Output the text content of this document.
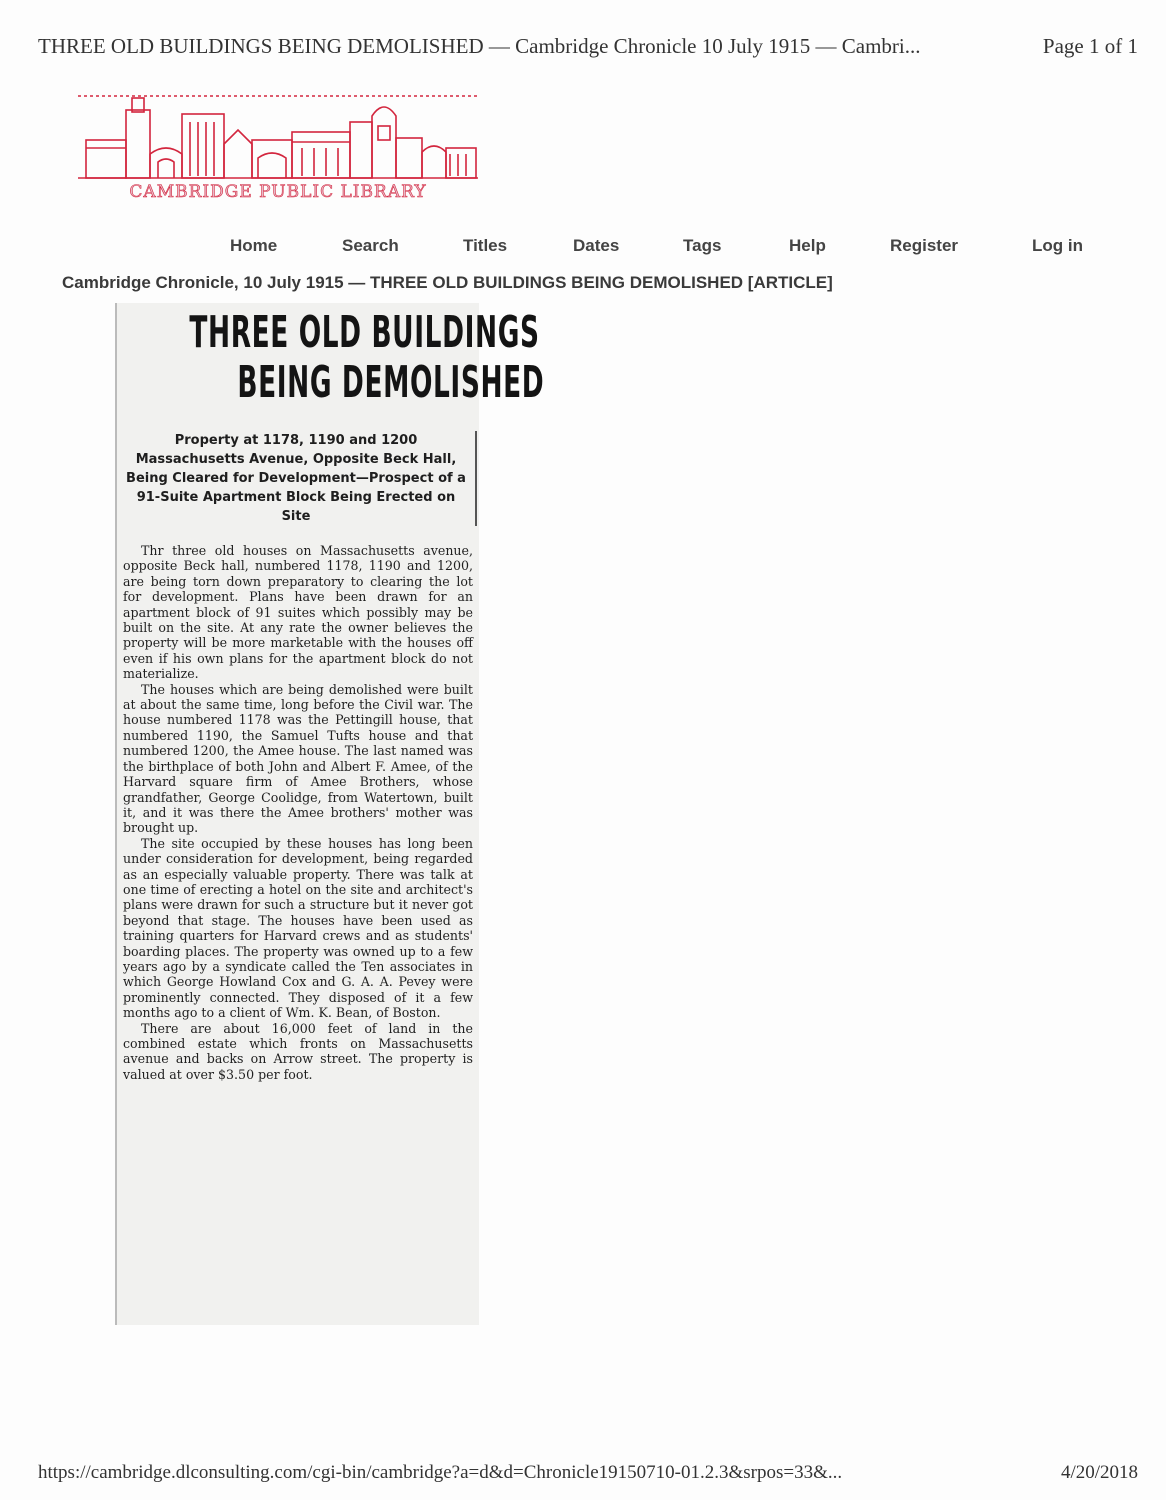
THREE OLD BUILDINGS BEING DEMOLISHED — Cambridge Chronicle 10 July 1915 — Cambri...	Page 1 of 1
CAMBRIDGE PUBLIC LIBRARY
Home	Search	Titles	Dates	Tags	Help	Register	Log in
Cambridge Chronicle, 10 July 1915 — THREE OLD BUILDINGS BEING DEMOLISHED [ARTICLE]
THREE OLD BUILDINGS
BEING DEMOLISHED
Property at 1178, 1190 and 1200 Massachusetts Avenue, Opposite Beck Hall, Being Cleared for Development—Prospect of a 91-Suite Apartment Block Being Erected on Site

Thr three old houses on Massachusetts avenue, opposite Beck hall, numbered 1178, 1190 and 1200, are being torn down preparatory to clearing the lot for development. Plans have been drawn for an apartment block of 91 suites which possibly may be built on the site. At any rate the owner believes the property will be more marketable with the houses off even if his own plans for the apartment block do not materialize.

The houses which are being demolished were built at about the same time, long before the Civil war. The house numbered 1178 was the Pettingill house, that numbered 1190, the Samuel Tufts house and that numbered 1200, the Amee house. The last named was the birthplace of both John and Albert F. Amee, of the Harvard square firm of Amee Brothers, whose grandfather, George Coolidge, from Watertown, built it, and it was there the Amee brothers' mother was brought up.

The site occupied by these houses has long been under consideration for development, being regarded as an especially valuable property. There was talk at one time of erecting a hotel on the site and architect's plans were drawn for such a structure but it never got beyond that stage. The houses have been used as training quarters for Harvard crews and as students' boarding places. The property was owned up to a few years ago by a syndicate called the Ten associates in which George Howland Cox and G. A. A. Pevey were prominently connected. They disposed of it a few months ago to a client of Wm. K. Bean, of Boston.

There are about 16,000 feet of land in the combined estate which fronts on Massachusetts avenue and backs on Arrow street. The property is valued at over $3.50 per foot.

https://cambridge.dlconsulting.com/cgi-bin/cambridge?a=d&d=Chronicle19150710-01.2.3&srpos=33&...	4/20/2018
